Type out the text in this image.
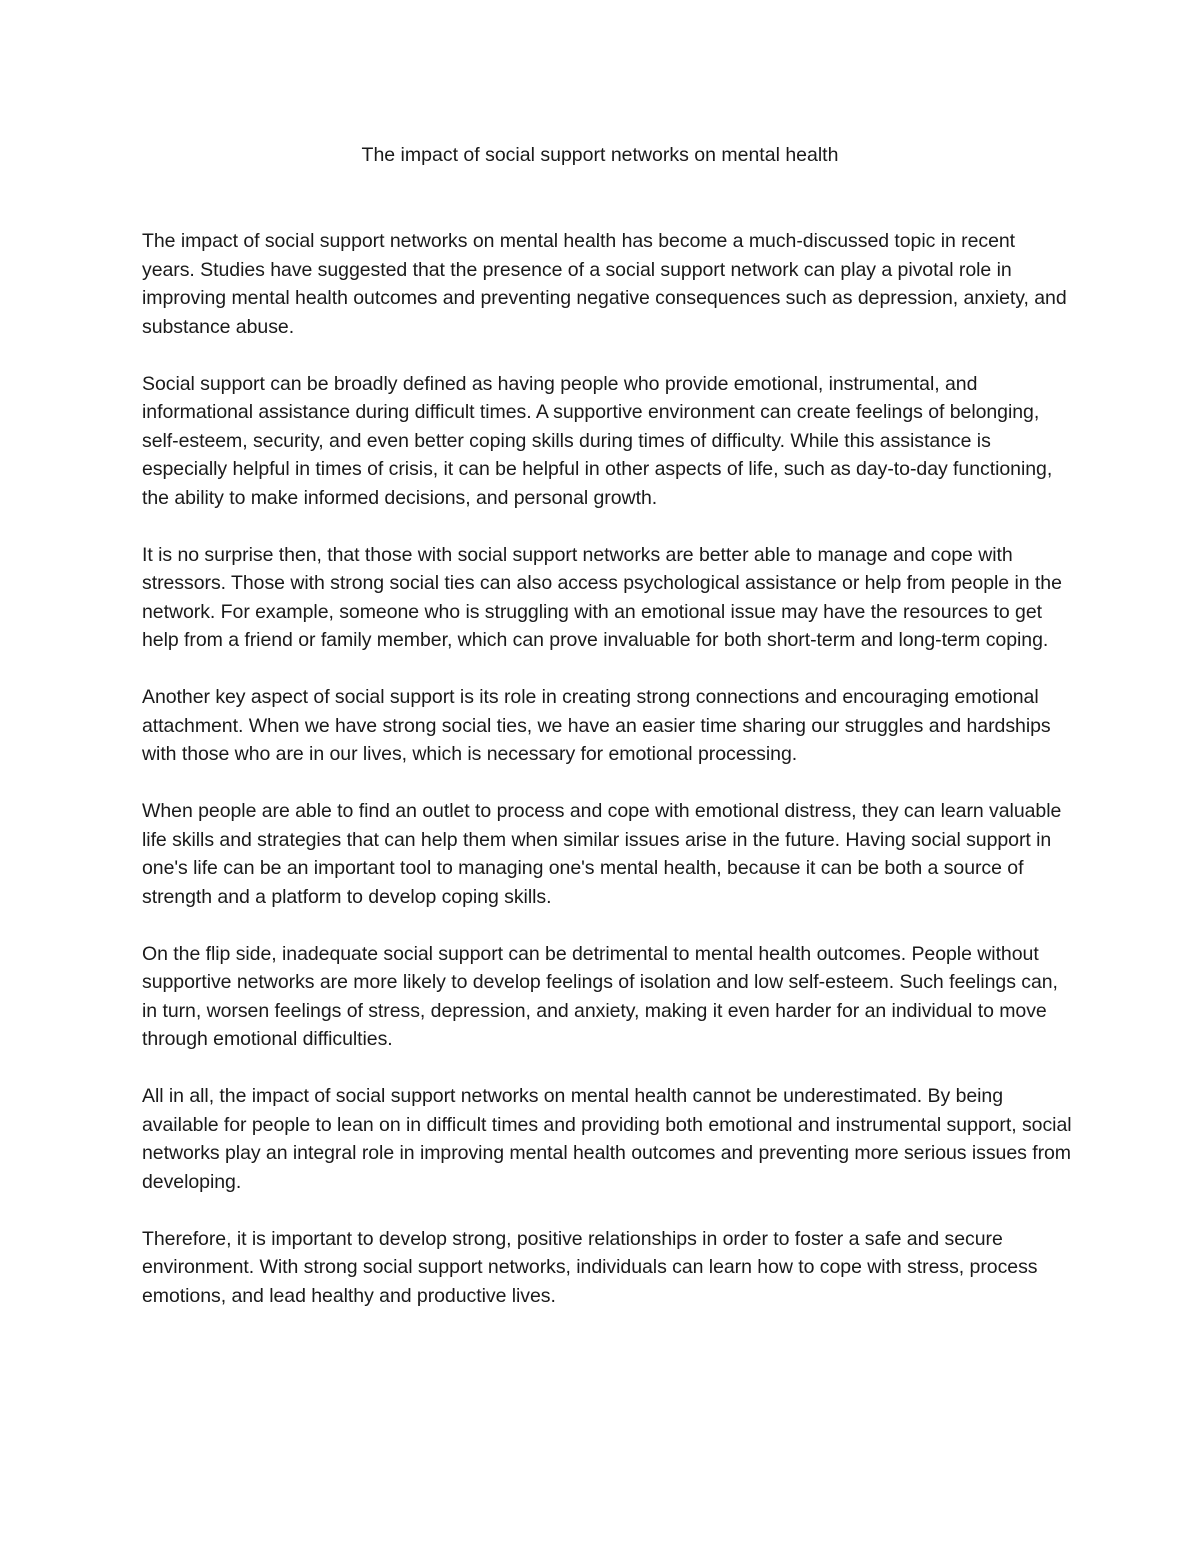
The impact of social support networks on mental health

The impact of social support networks on mental health has become a much-discussed topic in recent years. Studies have suggested that the presence of a social support network can play a pivotal role in improving mental health outcomes and preventing negative consequences such as depression, anxiety, and substance abuse.

Social support can be broadly defined as having people who provide emotional, instrumental, and informational assistance during difficult times. A supportive environment can create feelings of belonging, self-esteem, security, and even better coping skills during times of difficulty. While this assistance is especially helpful in times of crisis, it can be helpful in other aspects of life, such as day-to-day functioning, the ability to make informed decisions, and personal growth.

It is no surprise then, that those with social support networks are better able to manage and cope with stressors. Those with strong social ties can also access psychological assistance or help from people in the network. For example, someone who is struggling with an emotional issue may have the resources to get help from a friend or family member, which can prove invaluable for both short-term and long-term coping.

Another key aspect of social support is its role in creating strong connections and encouraging emotional attachment. When we have strong social ties, we have an easier time sharing our struggles and hardships with those who are in our lives, which is necessary for emotional processing.

When people are able to find an outlet to process and cope with emotional distress, they can learn valuable life skills and strategies that can help them when similar issues arise in the future. Having social support in one's life can be an important tool to managing one's mental health, because it can be both a source of strength and a platform to develop coping skills.

On the flip side, inadequate social support can be detrimental to mental health outcomes. People without supportive networks are more likely to develop feelings of isolation and low self-esteem. Such feelings can, in turn, worsen feelings of stress, depression, and anxiety, making it even harder for an individual to move through emotional difficulties.

All in all, the impact of social support networks on mental health cannot be underestimated. By being available for people to lean on in difficult times and providing both emotional and instrumental support, social networks play an integral role in improving mental health outcomes and preventing more serious issues from developing.

Therefore, it is important to develop strong, positive relationships in order to foster a safe and secure environment. With strong social support networks, individuals can learn how to cope with stress, process emotions, and lead healthy and productive lives.
